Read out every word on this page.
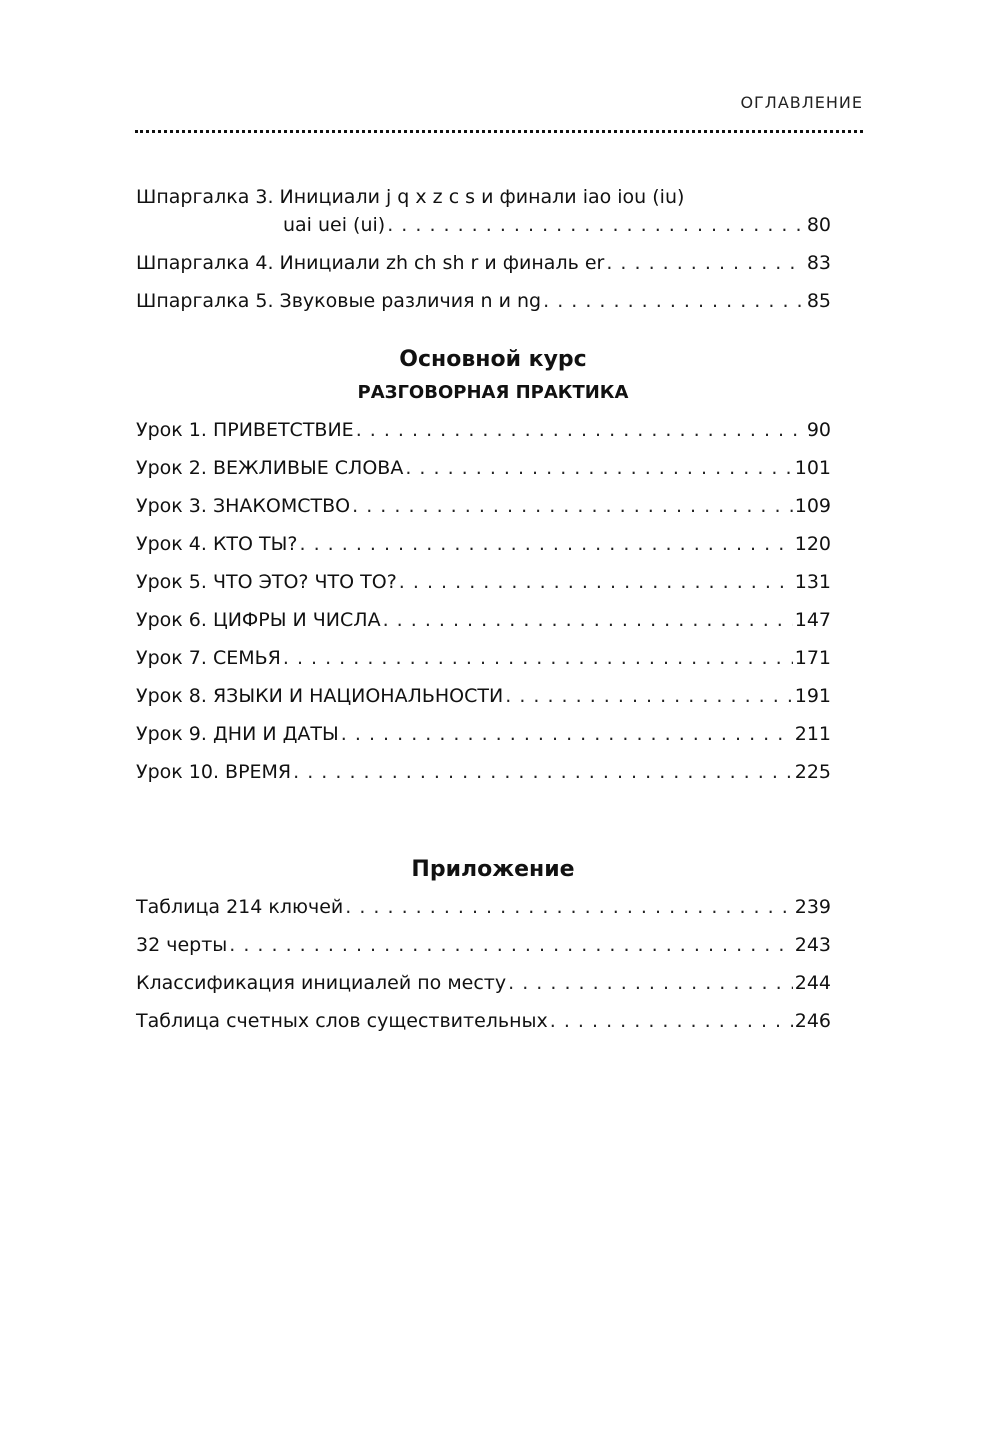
ОГЛАВЛЕНИЕ
Шпаргалка 3. Инициали j q x z c s и финали iao iou (iu)
uai uei (ui) . . .	80
Шпаргалка 4. Инициали zh ch sh r и финаль er . . .	83
Шпаргалка 5. Звуковые различия n и ng . . .	85
Основной курс
РАЗГОВОРНАЯ ПРАКТИКА
Урок 1. ПРИВЕТСТВИЕ . . .	90
Урок 2. ВЕЖЛИВЫЕ СЛОВА . . .	101
Урок 3. ЗНАКОМСТВО . . .	109
Урок 4. КТО ТЫ? . . .	120
Урок 5. ЧТО ЭТО? ЧТО ТО? . . .	131
Урок 6. ЦИФРЫ И ЧИСЛА . . .	147
Урок 7. СЕМЬЯ . . .	171
Урок 8. ЯЗЫКИ И НАЦИОНАЛЬНОСТИ . . .	191
Урок 9. ДНИ И ДАТЫ . . .	211
Урок 10. ВРЕМЯ . . .	225
Приложение
Таблица 214 ключей . . .	239
32 черты . . .	243
Классификация инициалей по месту . . .	244
Таблица счетных слов существительных . . .	246
